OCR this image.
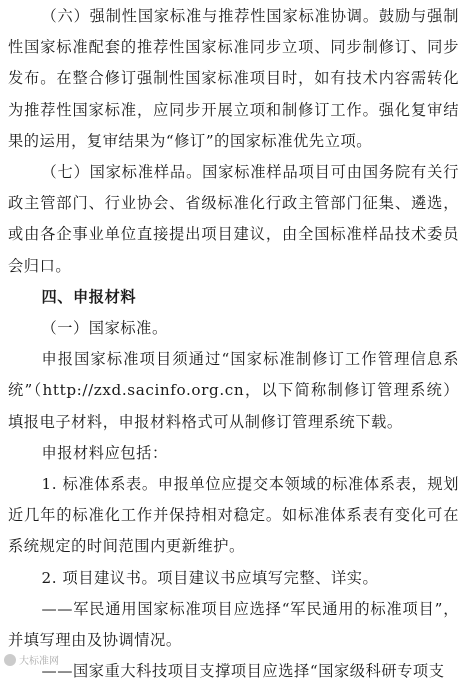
（六）强制性国家标准与推荐性国家标准协调。鼓励与强制性国家标准配套的推荐性国家标准同步立项、同步制修订、同步发布。在整合修订强制性国家标准项目时，如有技术内容需转化为推荐性国家标准，应同步开展立项和制修订工作。强化复审结果的运用，复审结果为“修订”的国家标准优先立项。

（七）国家标准样品。国家标准样品项目可由国务院有关行政主管部门、行业协会、省级标准化行政主管部门征集、遴选，或由各企事业单位直接提出项目建议，由全国标准样品技术委员会归口。

四、申报材料

（一）国家标准。

申报国家标准项目须通过“国家标准制修订工作管理信息系统”（http://zxd.sacinfo.org.cn，以下简称制修订管理系统）填报电子材料，申报材料格式可从制修订管理系统下载。

申报材料应包括：

1. 标准体系表。申报单位应提交本领域的标准体系表，规划近几年的标准化工作并保持相对稳定。如标准体系表有变化可在系统规定的时间范围内更新维护。

2. 项目建议书。项目建议书应填写完整、详实。

——军民通用国家标准项目应选择“军民通用的标准项目”，并填写理由及协调情况。

——国家重大科技项目支撑项目应选择“国家级科研专项支

大标准网
